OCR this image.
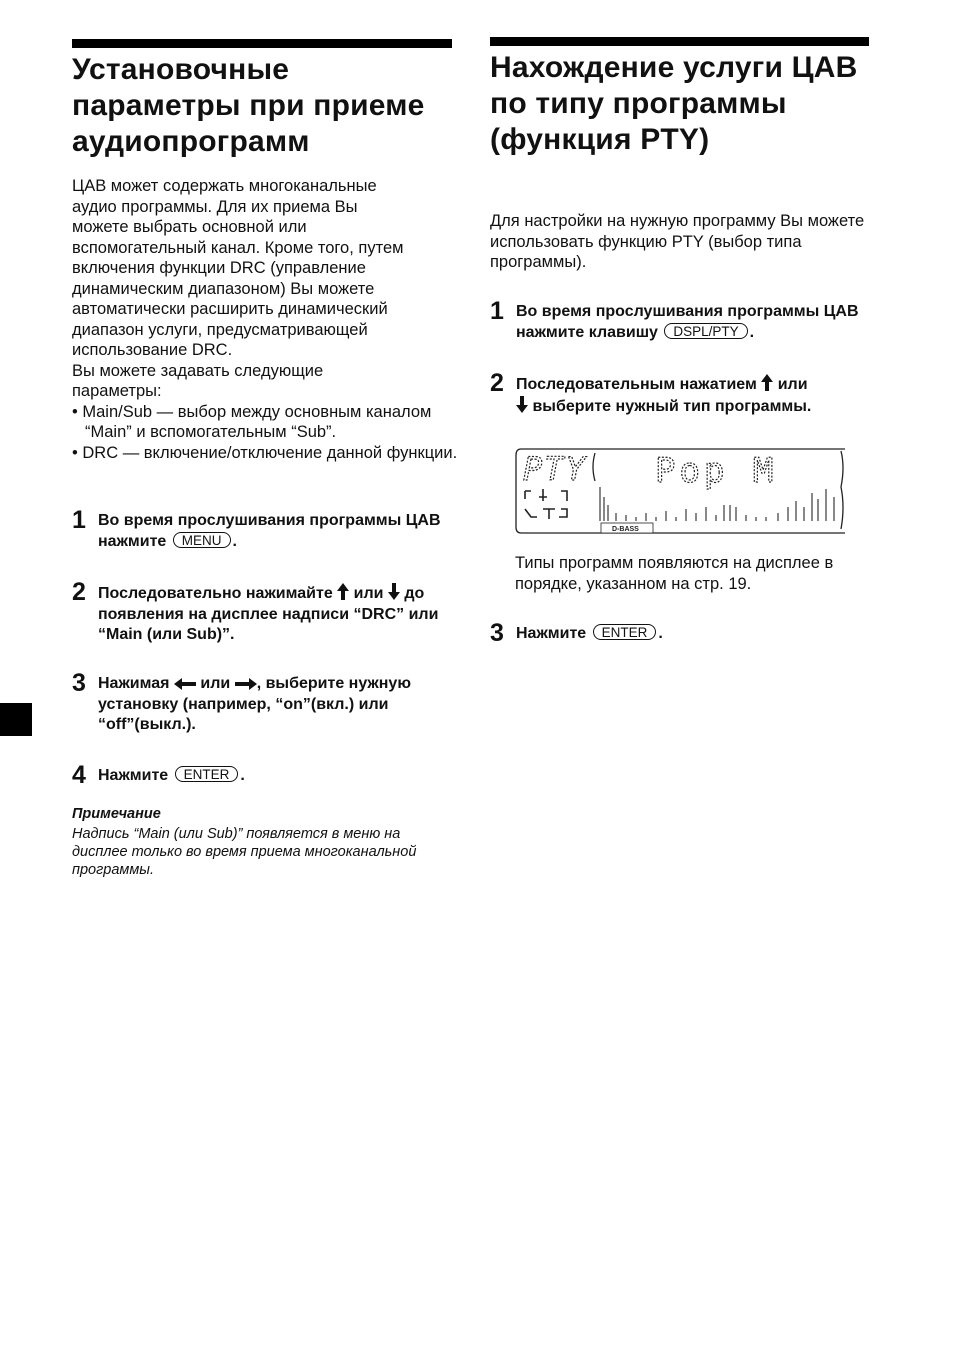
Установочные параметры при приеме аудиопрограмм

ЦАВ может содержать многоканальные
аудио программы. Для их приема Вы
можете выбрать основной или
вспомогательный канал. Кроме того, путем
включения функции DRC (управление
динамическим диапазоном) Вы можете
автоматически расширить динамический
диапазон услуги, предусматривающей
использование DRC.
Вы можете задавать следующие
параметры:
• Main/Sub — выбор между основным каналом “Main” и вспомогательным “Sub”.
• DRC — включение/отключение данной функции.

1 Во время прослушивания программы ЦАВ нажмите MENU .

2 Последовательно нажимайте или до появления на дисплее надписи “DRC” или “Main (или Sub)”.

3 Нажимая или , выберите нужную установку (например, “on”(вкл.) или “off”(выкл.).

4 Нажмите ENTER .

Примечание

Надпись “Main (или Sub)” появляется в меню на дисплее только во время приема многоканальной программы.

Нахождение услуги ЦАВ по типу программы (функция PTY)

Для настройки на нужную программу Вы можете использовать функцию PTY (выбор типа программы).

1 Во время прослушивания программы ЦАВ нажмите клавишу DSPL/PTY .

2 Последовательным нажатием или  выберите нужный тип программы.

PTY Pop M
D-BASS

Типы программ появляются на дисплее в порядке, указанном на стр. 19.

3 Нажмите ENTER .
